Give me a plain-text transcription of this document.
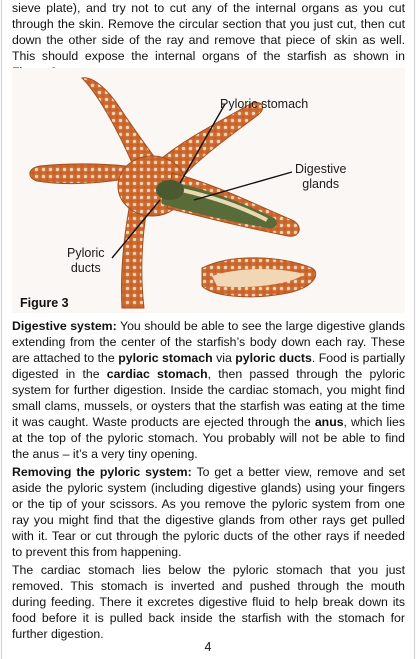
sieve plate), and try not to cut any of the internal organs as you cut through the skin. Remove the circular section that you just cut, then cut down the other side of the ray and remove that piece of skin as well. This should expose the internal organs of the starfish as shown in

Pyloric stomach
Digestive
glands
Pyloric
ducts
Figure 3

Digestive system: You should be able to see the large digestive glands extending from the center of the starfish’s body down each ray. These are attached to the pyloric stomach via pyloric ducts. Food is partially digested in the cardiac stomach, then passed through the pyloric system for further digestion. Inside the cardiac stomach, you might find small clams, mussels, or oysters that the starfish was eating at the time it was caught. Waste products are ejected through the anus, which lies at the top of the pyloric stomach. You probably will not be able to find the anus – it’s a very tiny opening.

Removing the pyloric system: To get a better view, remove and set aside the pyloric system (including digestive glands) using your fingers or the tip of your scissors. As you remove the pyloric system from one ray you might find that the digestive glands from other rays get pulled with it. Tear or cut through the pyloric ducts of the other rays if needed to prevent this from happening.

The cardiac stomach lies below the pyloric stomach that you just removed. This stomach is inverted and pushed through the mouth during feeding. There it excretes digestive fluid to help break down its food before it is pulled back inside the starfish with the stomach for further digestion.

4
